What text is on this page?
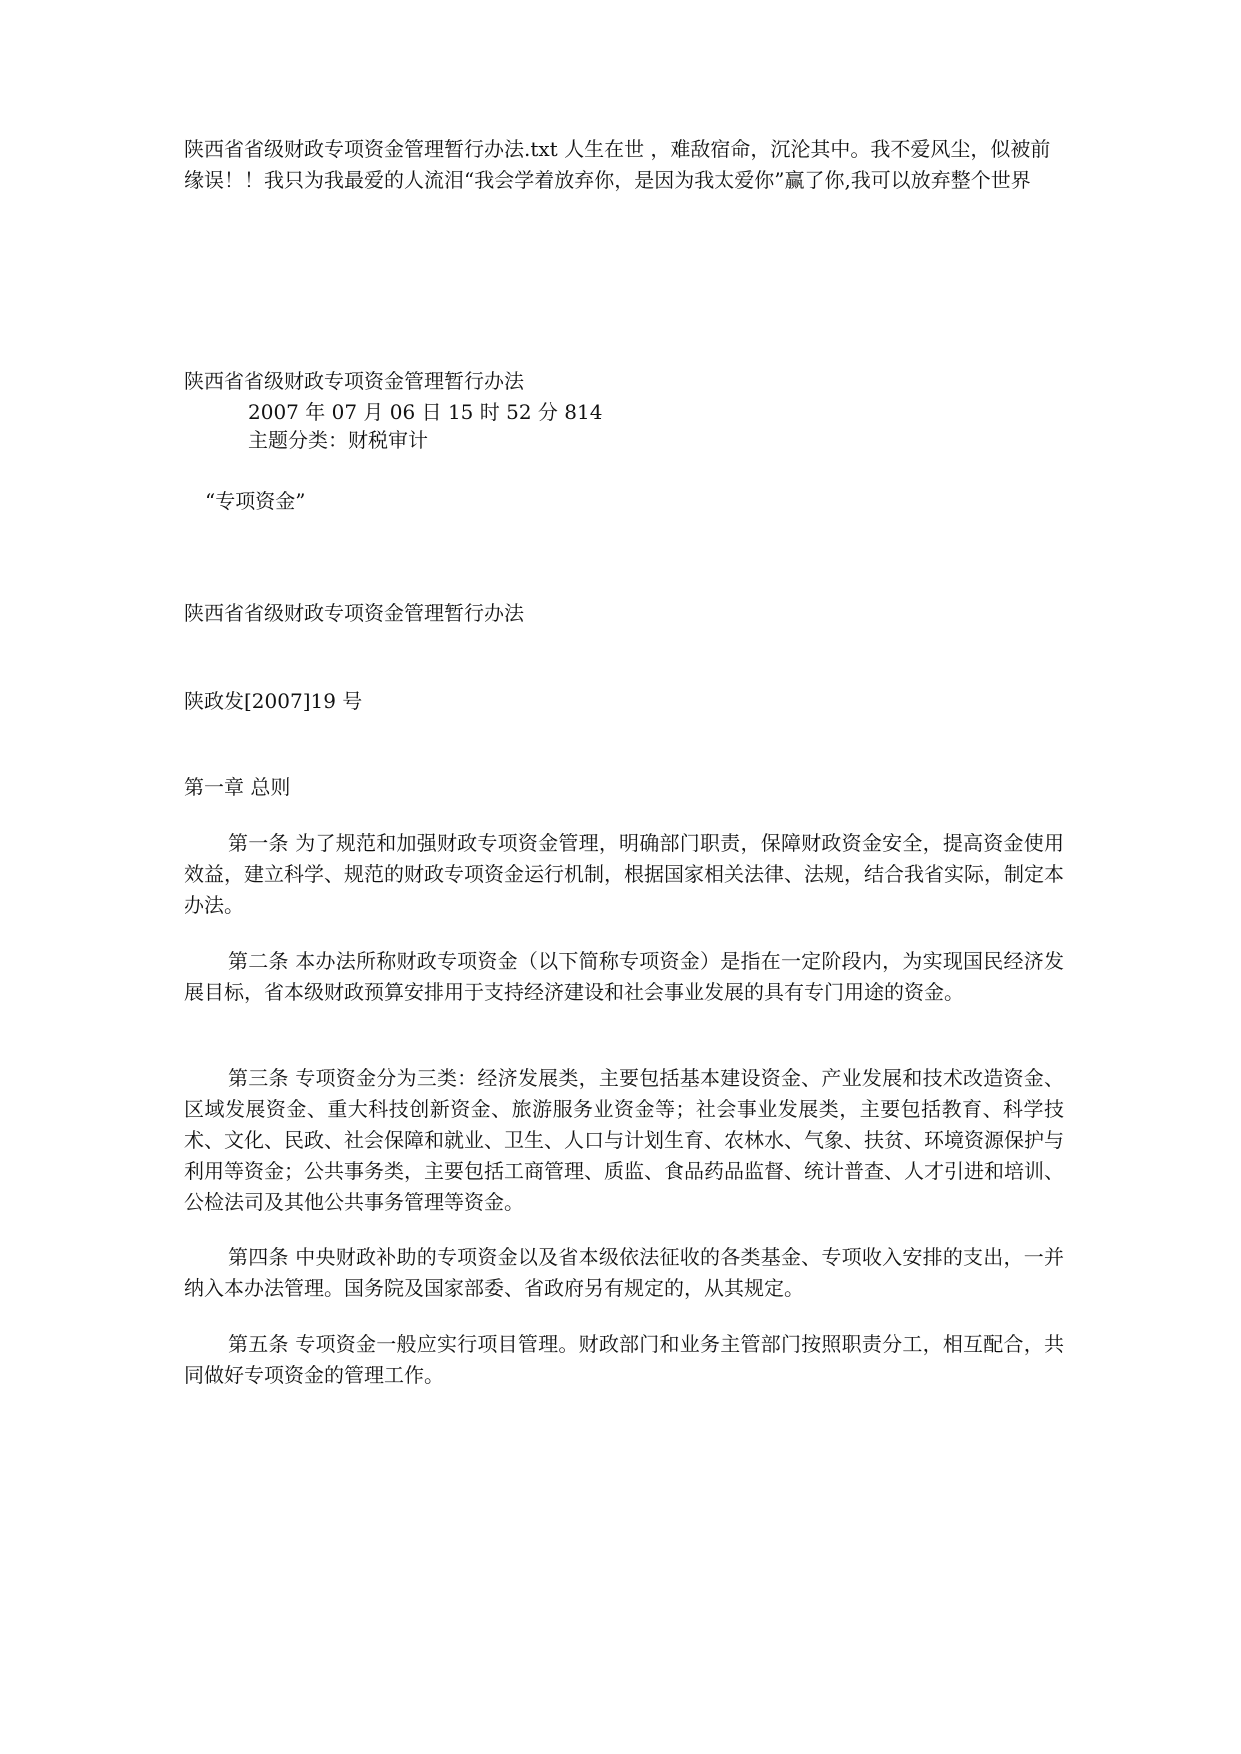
陕西省省级财政专项资金管理暂行办法.txt 人生在世 ，难敌宿命，沉沦其中。我不爱风尘，似被前缘误！！我只为我最爱的人流泪“我会学着放弃你，是因为我太爱你”赢了你,我可以放弃整个世界

陕西省省级财政专项资金管理暂行办法

2007 年 07 月 06 日 15 时 52 分 814

主题分类：财税审计

“专项资金”

陕西省省级财政专项资金管理暂行办法

陕政发[2007]19 号

第一章 总则

第一条 为了规范和加强财政专项资金管理，明确部门职责，保障财政资金安全，提高资金使用效益，建立科学、规范的财政专项资金运行机制，根据国家相关法律、法规，结合我省实际，制定本办法。

第二条 本办法所称财政专项资金（以下简称专项资金）是指在一定阶段内，为实现国民经济发展目标，省本级财政预算安排用于支持经济建设和社会事业发展的具有专门用途的资金。

第三条 专项资金分为三类：经济发展类，主要包括基本建设资金、产业发展和技术改造资金、区域发展资金、重大科技创新资金、旅游服务业资金等；社会事业发展类，主要包括教育、科学技术、文化、民政、社会保障和就业、卫生、人口与计划生育、农林水、气象、扶贫、环境资源保护与利用等资金；公共事务类，主要包括工商管理、质监、食品药品监督、统计普查、人才引进和培训、公检法司及其他公共事务管理等资金。

第四条 中央财政补助的专项资金以及省本级依法征收的各类基金、专项收入安排的支出，一并纳入本办法管理。国务院及国家部委、省政府另有规定的，从其规定。

第五条 专项资金一般应实行项目管理。财政部门和业务主管部门按照职责分工，相互配合，共同做好专项资金的管理工作。
